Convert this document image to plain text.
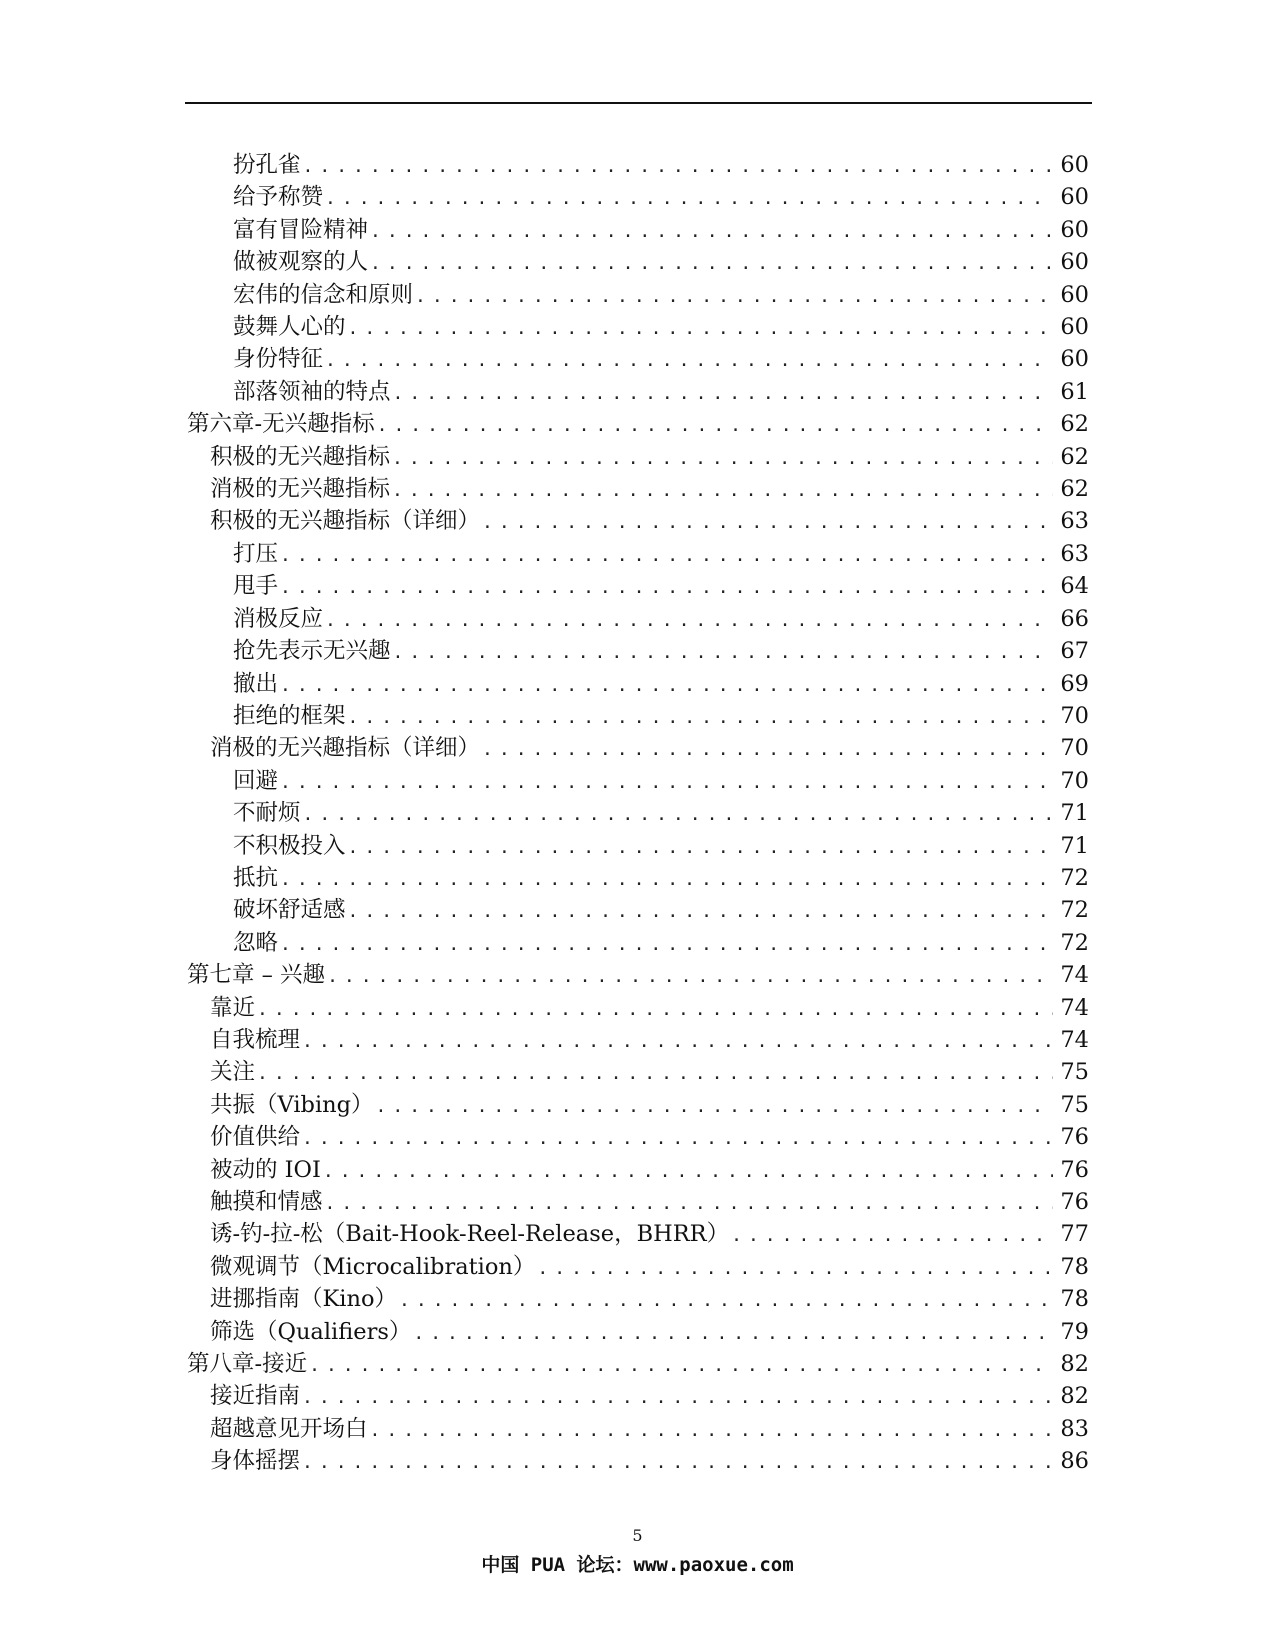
扮孔雀 .....	60
给予称赞 .....	60
富有冒险精神 .....	60
做被观察的人 .....	60
宏伟的信念和原则 .....	60
鼓舞人心的 .....	60
身份特征 .....	60
部落领袖的特点 .....	61
第六章-无兴趣指标 .....	62
积极的无兴趣指标 .....	62
消极的无兴趣指标 .....	62
积极的无兴趣指标（详细） .....	63
打压 .....	63
甩手 .....	64
消极反应 .....	66
抢先表示无兴趣 .....	67
撤出 .....	69
拒绝的框架 .....	70
消极的无兴趣指标（详细） .....	70
回避 .....	70
不耐烦 .....	71
不积极投入 .....	71
抵抗 .....	72
破坏舒适感 .....	72
忽略 .....	72
第七章 – 兴趣 .....	74
靠近 .....	74
自我梳理 .....	74
关注 .....	75
共振（Vibing） .....	75
价值供给 .....	76
被动的 IOI .....	76
触摸和情感 .....	76
诱-钓-拉-松（Bait-Hook-Reel-Release，BHRR） .....	77
微观调节（Microcalibration） .....	78
进挪指南（Kino） .....	78
筛选（Qualifiers） .....	79
第八章-接近 .....	82
接近指南 .....	82
超越意见开场白 .....	83
身体摇摆 .....	86
5
中国 PUA 论坛：www.paoxue.com
